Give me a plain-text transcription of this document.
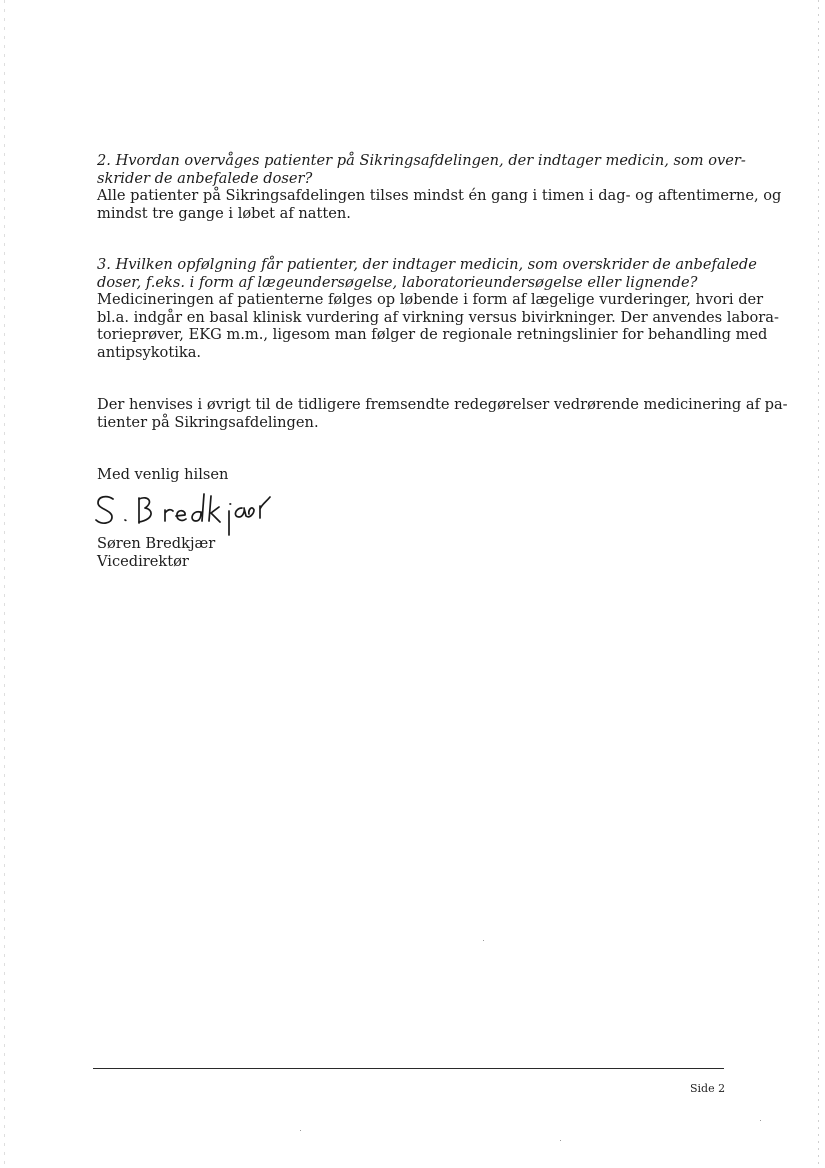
2. Hvordan overvåges patienter på Sikringsafdelingen, der indtager medicin, som over-
skrider de anbefalede doser?
Alle patienter på Sikringsafdelingen tilses mindst én gang i timen i dag- og aftentimerne, og
mindst tre gange i løbet af natten.
3. Hvilken opfølgning får patienter, der indtager medicin, som overskrider de anbefalede
doser, f.eks. i form af lægeundersøgelse, laboratorieundersøgelse eller lignende?
Medicineringen af patienterne følges op løbende i form af lægelige vurderinger, hvori der
bl.a. indgår en basal klinisk vurdering af virkning versus bivirkninger. Der anvendes labora-
torieprøver, EKG m.m., ligesom man følger de regionale retningslinier for behandling med
antipsykotika.
Der henvises i øvrigt til de tidligere fremsendte redegørelser vedrørende medicinering af pa-
tienter på Sikringsafdelingen.
Med venlig hilsen
Søren Bredkjær
Vicedirektør
Side 2
